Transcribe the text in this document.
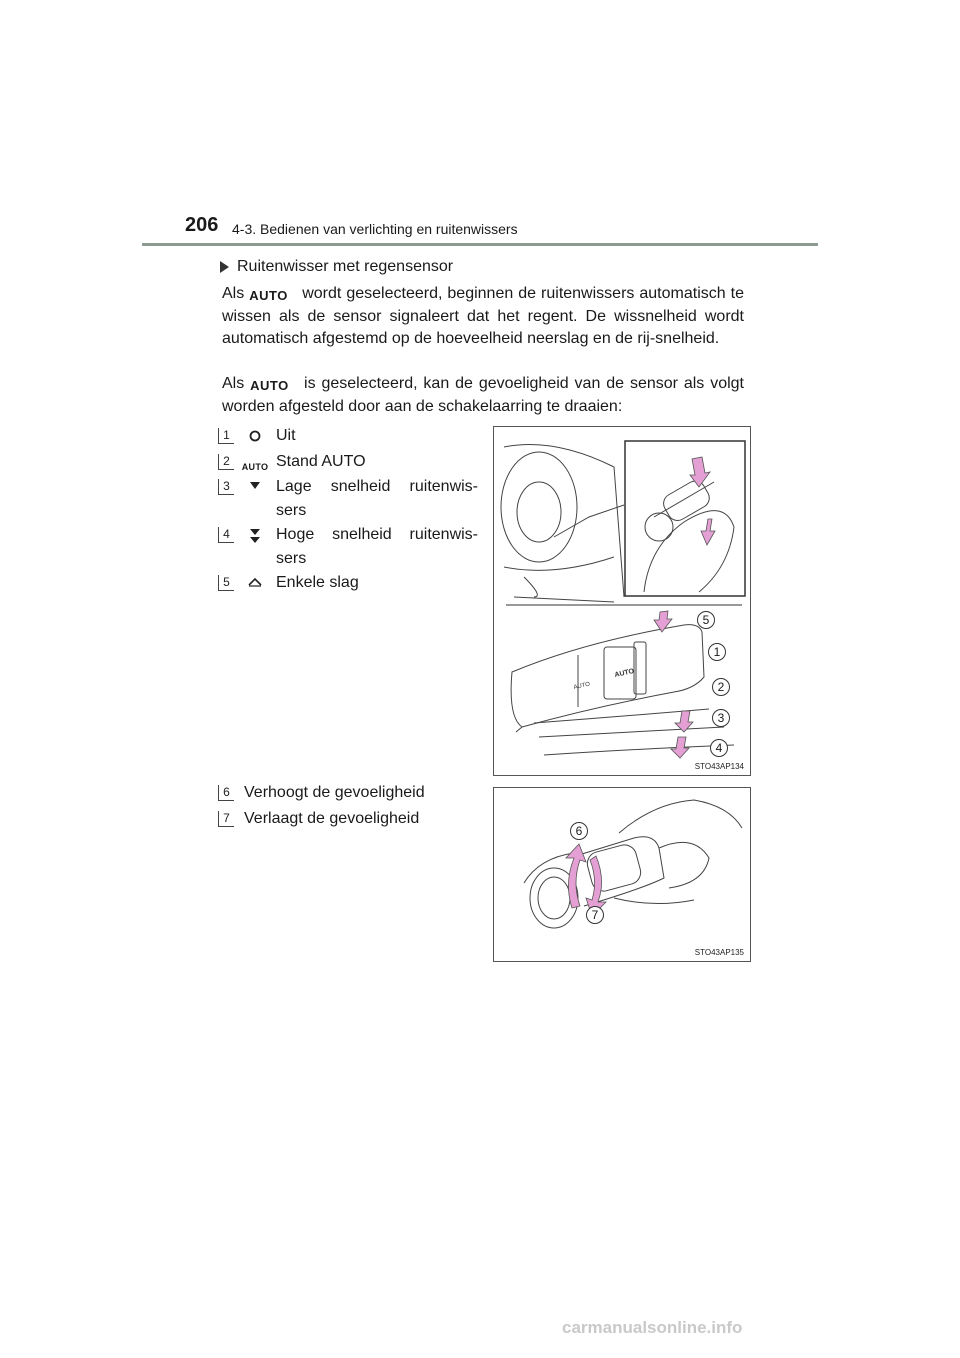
206 4-3. Bedienen van verlichting en ruitenwissers
Ruitenwisser met regensensor
Als AUTO wordt geselecteerd, beginnen de ruitenwissers automatisch te wissen als de sensor signaleert dat het regent. De wissnelheid wordt automatisch afgestemd op de hoeveelheid neerslag en de rij-snelheid.
Als AUTO is geselecteerd, kan de gevoeligheid van de sensor als volgt worden afgesteld door aan de schakelaarring te draaien:
1	Uit
2	AUTO Stand AUTO
3	Lage snelheid ruitenwis-sers
4	Hoge snelheid ruitenwis-sers
5	Enkele slag
6 Verhoogt de gevoeligheid
7 Verlaagt de gevoeligheid
AUTO
AUTO
5
1
2
3
4
STO43AP134
6
7
STO43AP135
carmanualsonline.info
